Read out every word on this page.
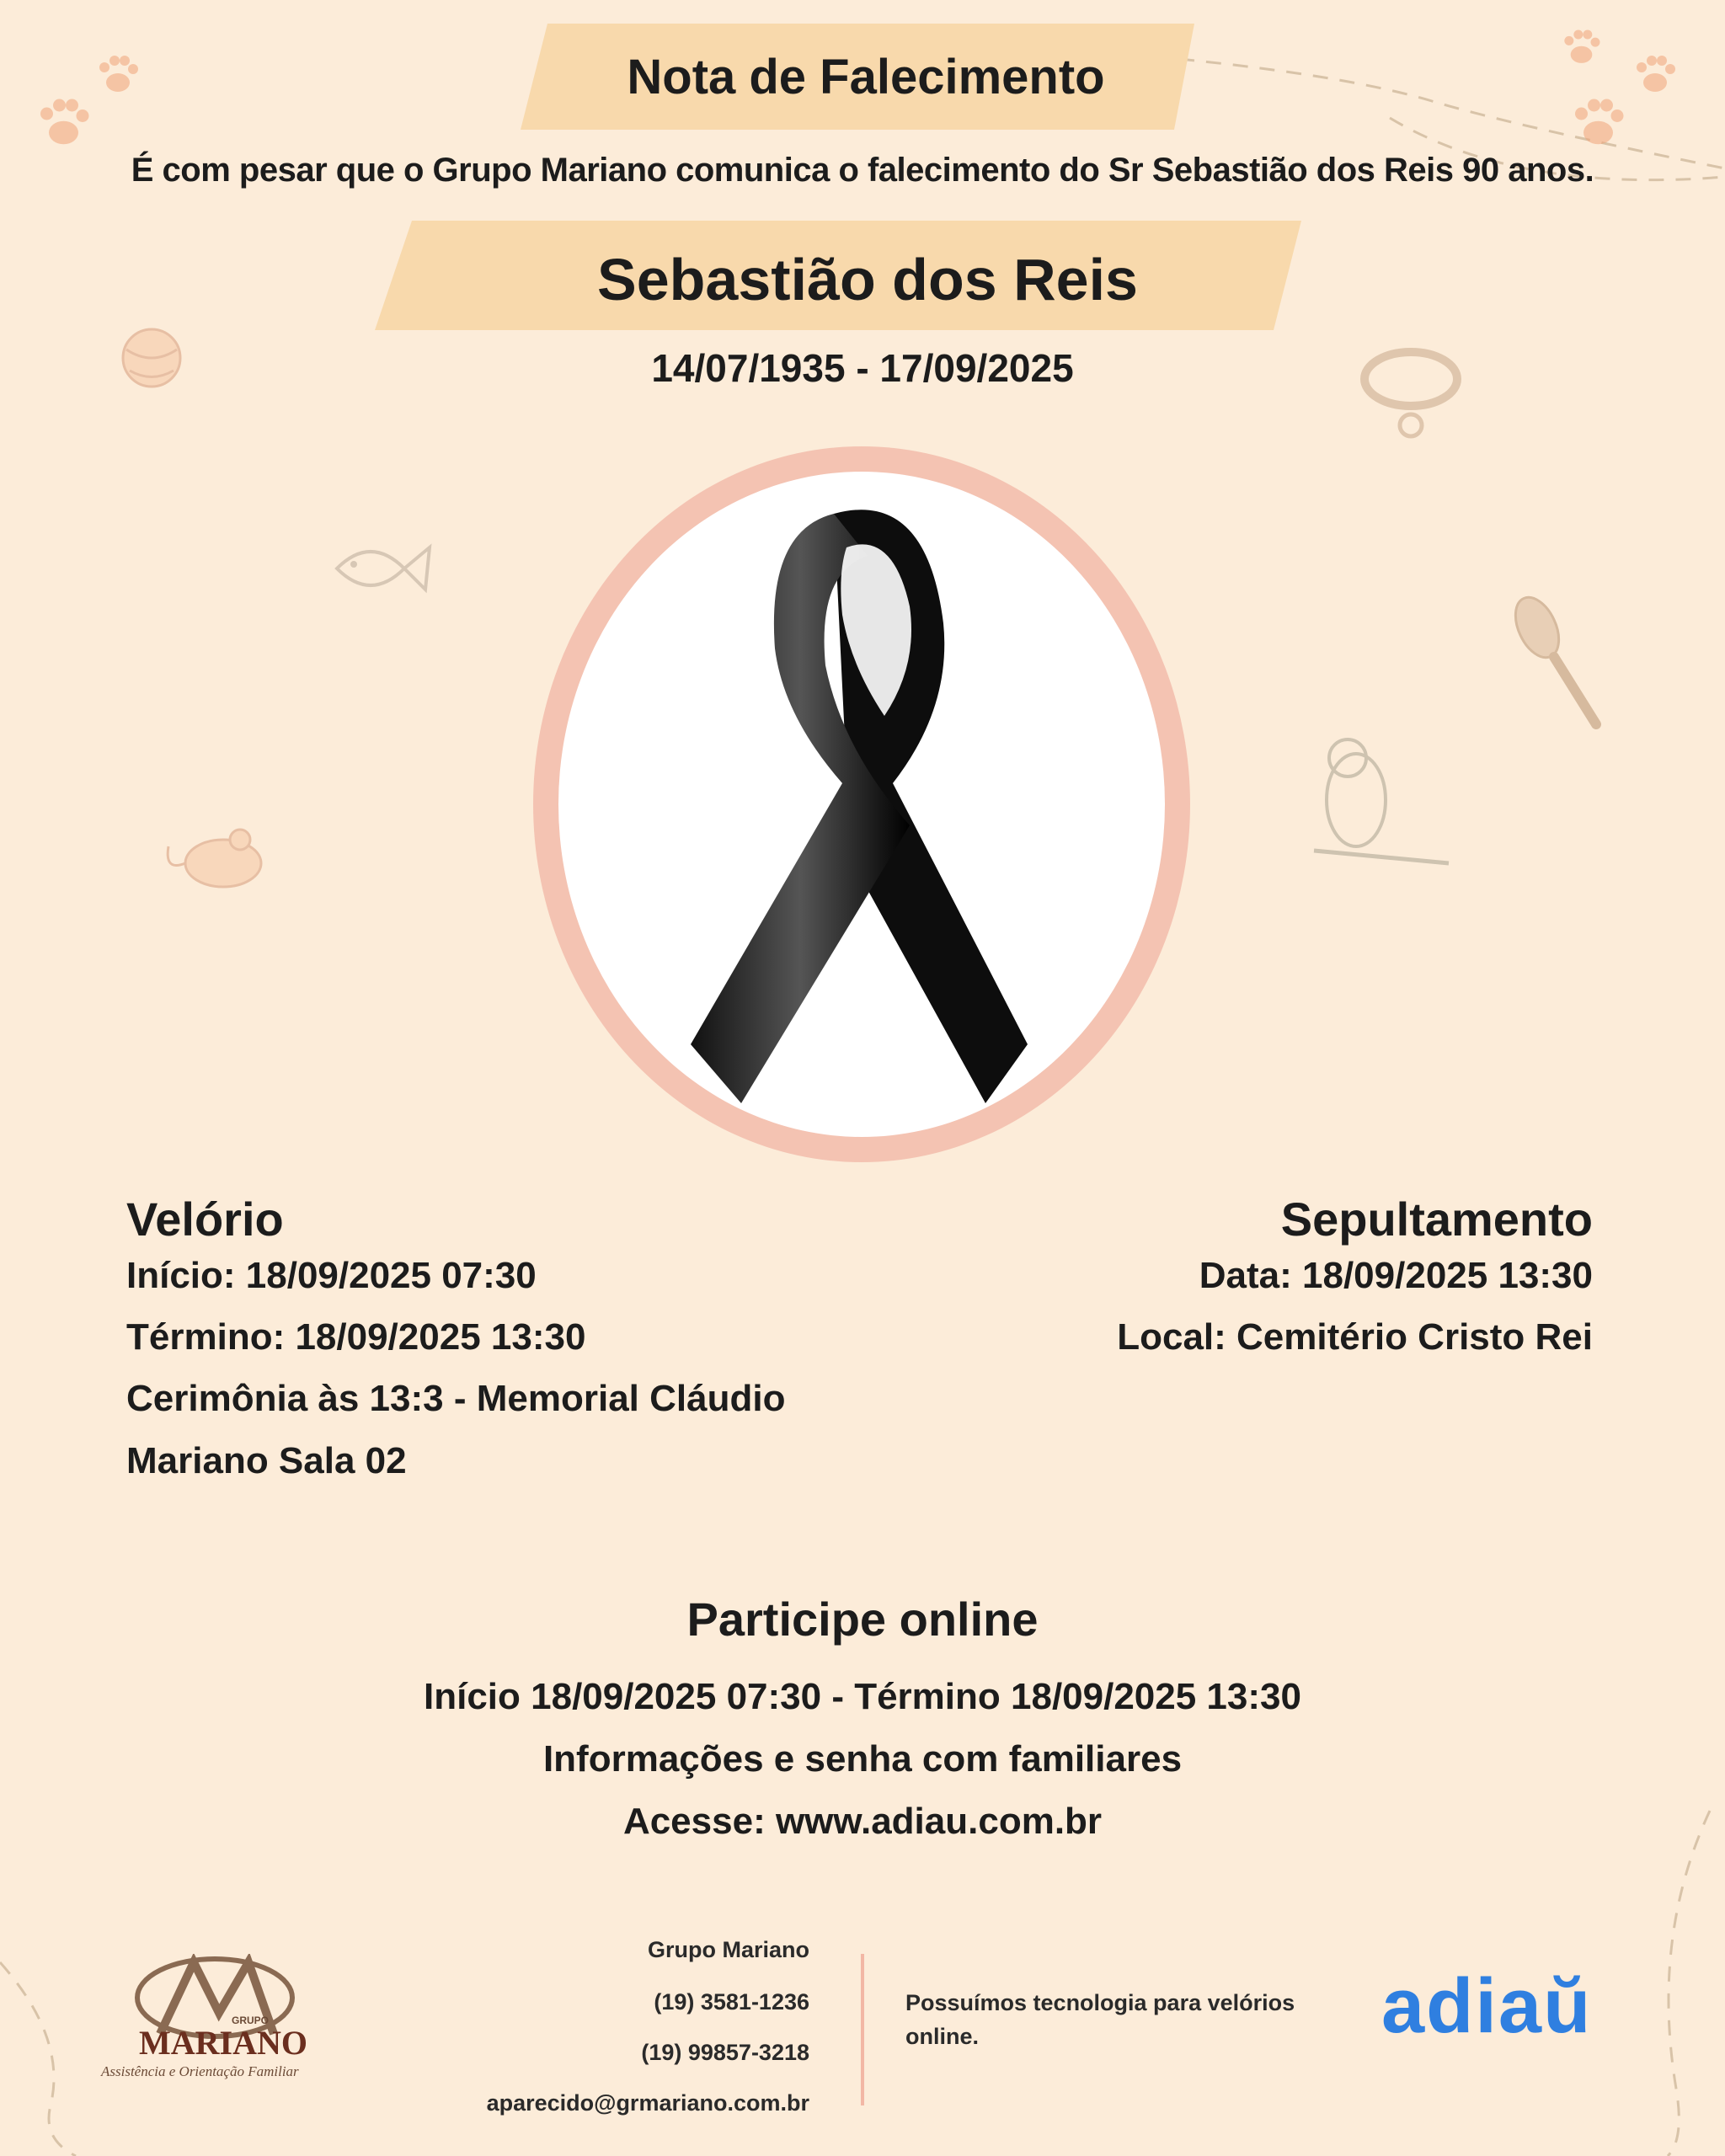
Nota de Falecimento
É com pesar que o Grupo Mariano comunica o falecimento do Sr Sebastião dos Reis 90 anos.
Sebastião dos Reis
14/07/1935 - 17/09/2025
Velório
Início: 18/09/2025 07:30
Término: 18/09/2025 13:30
Cerimônia às 13:3 - Memorial Cláudio
Mariano Sala 02
Sepultamento
Data: 18/09/2025 13:30
Local: Cemitério Cristo Rei
Participe online
Início 18/09/2025 07:30 - Término 18/09/2025 13:30
Informações e senha com familiares
Acesse: www.adiau.com.br
GRUPO
MARIANO
Assistência e Orientação Familiar
Grupo Mariano
(19) 3581-1236
(19) 99857-3218
aparecido@grmariano.com.br
Possuímos tecnologia para velórios
online.	adiaŭ
